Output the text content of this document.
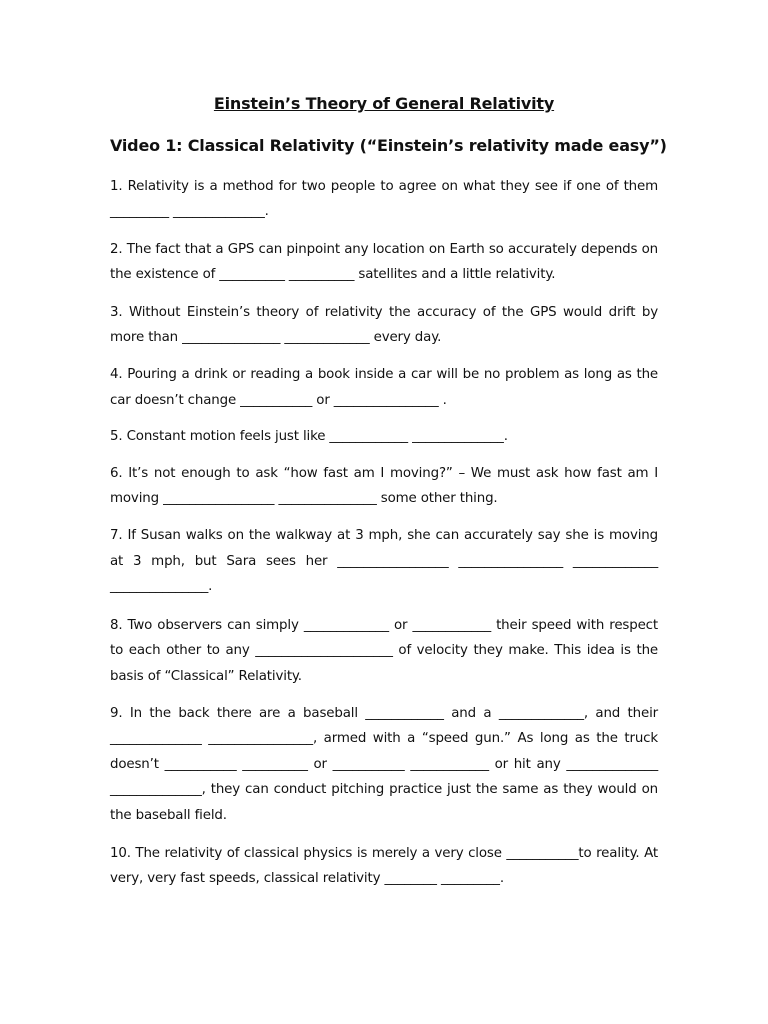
Einstein’s Theory of General Relativity
Video 1: Classical Relativity (“Einstein’s relativity made easy”)
1. Relativity is a method for two people to agree on what they see if one of them _________ ______________.
2. The fact that a GPS can pinpoint any location on Earth so accurately depends on the existence of __________ __________ satellites and a little relativity.
3. Without Einstein’s theory of relativity the accuracy of the GPS would drift by more than _______________ _____________ every day.
4. Pouring a drink or reading a book inside a car will be no problem as long as the car doesn’t change ___________ or ________________ .
5. Constant motion feels just like ____________ ______________.
6. It’s not enough to ask “how fast am I moving?” – We must ask how fast am I moving _________________ _______________ some other thing.
7. If Susan walks on the walkway at 3 mph, she can accurately say she is moving at 3 mph, but Sara sees her _________________ ________________ _____________ _______________.
8. Two observers can simply _____________ or ____________ their speed with respect to each other to any _____________________ of velocity they make. This idea is the basis of “Classical” Relativity.
9. In the back there are a baseball ____________ and a _____________, and their ______________ ________________, armed with a “speed gun.” As long as the truck doesn’t ___________ __________ or ___________ ____________ or hit any ______________ ______________, they can conduct pitching practice just the same as they would on the baseball field.
10. The relativity of classical physics is merely a very close ___________to reality. At very, very fast speeds, classical relativity ________ _________.
